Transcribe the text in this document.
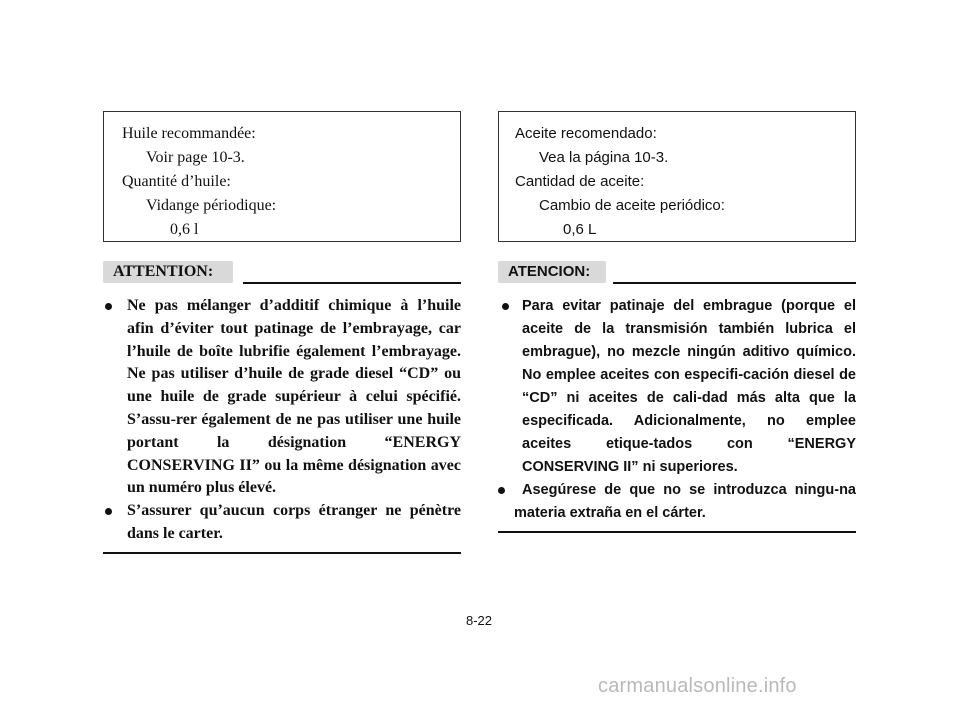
Huile recommandée:
Voir page 10-3.
Quantité d’huile:
Vidange périodique:
0,6 l
ATTENTION:
Ne pas mélanger d’additif chimique à l’huile afin d’éviter tout patinage de l’embrayage, car l’huile de boîte lubrifie également l’embrayage. Ne pas utiliser d’huile de grade diesel “CD” ou une huile de grade supérieur à celui spécifié. S’assu-rer également de ne pas utiliser une huile portant la désignation “ENERGY CONSERVING II” ou la même désignation avec un numéro plus élevé.
S’assurer qu’aucun corps étranger ne pénètre dans le carter.
Aceite recomendado:
Vea la página 10-3.
Cantidad de aceite:
Cambio de aceite periódico:
0,6 L
ATENCION:
Para evitar patinaje del embrague (porque el aceite de la transmisión también lubrica el embrague), no mezcle ningún aditivo químico. No emplee aceites con especifi-cación diesel de “CD” ni aceites de cali-dad más alta que la especificada. Adicionalmente, no emplee aceites etique-tados con “ENERGY CONSERVING II” ni superiores.
Asegúrese de que no se introduzca ningu-na materia extraña en el cárter.
8-22
carmanualsonline.info
